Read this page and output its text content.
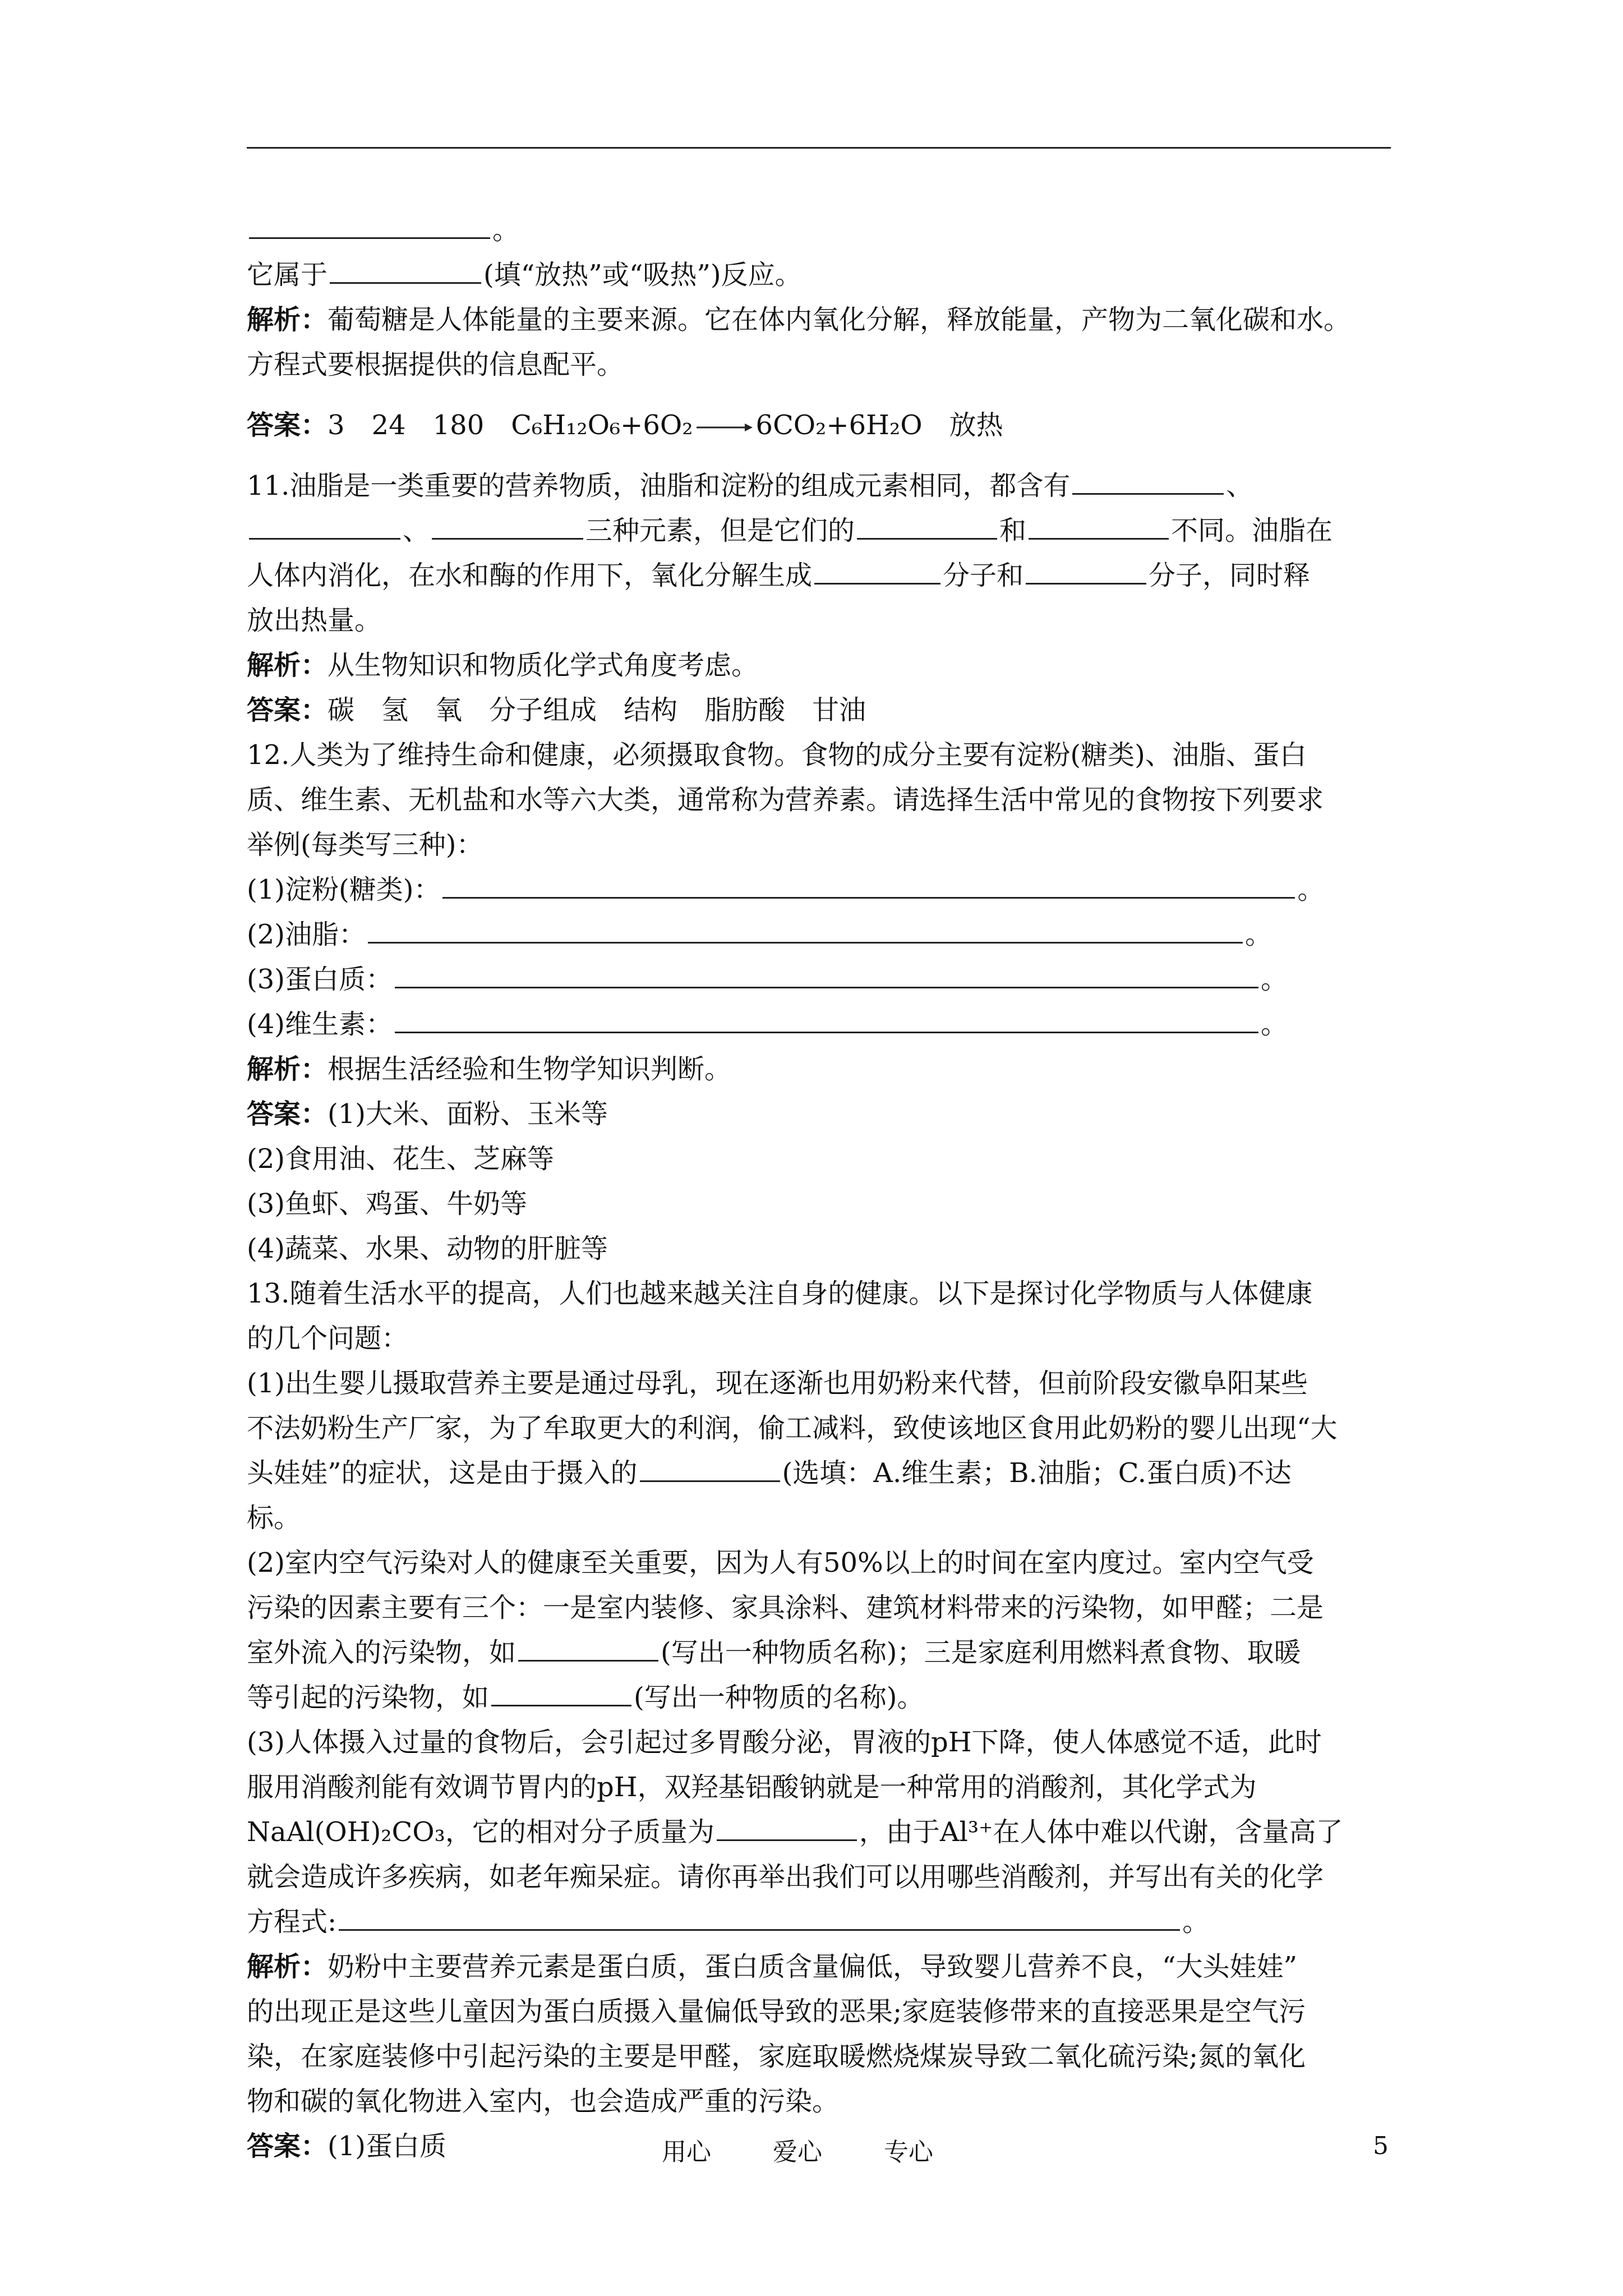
。
它属于	(填“放热”或“吸热”)反应。
解析：葡萄糖是人体能量的主要来源。它在体内氧化分解，释放能量，产物为二氧化碳和水。
方程式要根据提供的信息配平。
答案：3　24　180　C₆H₁₂O₆+6O₂ → 6CO₂+6H₂O　放热
11.油脂是一类重要的营养物质，油脂和淀粉的组成元素相同，都含有	、
、	三种元素，但是它们的	和	不同。油脂在
人体内消化，在水和酶的作用下，氧化分解生成	分子和	分子，同时释
放出热量。
解析：从生物知识和物质化学式角度考虑。
答案：碳　氢　氧　分子组成　结构　脂肪酸　甘油
12.人类为了维持生命和健康，必须摄取食物。食物的成分主要有淀粉(糖类)、油脂、蛋白
质、维生素、无机盐和水等六大类，通常称为营养素。请选择生活中常见的食物按下列要求
举例(每类写三种)：
(1)淀粉(糖类)：	。
(2)油脂：	。
(3)蛋白质：	。
(4)维生素：	。
解析：根据生活经验和生物学知识判断。
答案：(1)大米、面粉、玉米等
(2)食用油、花生、芝麻等
(3)鱼虾、鸡蛋、牛奶等
(4)蔬菜、水果、动物的肝脏等
13.随着生活水平的提高，人们也越来越关注自身的健康。以下是探讨化学物质与人体健康
的几个问题：
(1)出生婴儿摄取营养主要是通过母乳，现在逐渐也用奶粉来代替，但前阶段安徽阜阳某些
不法奶粉生产厂家，为了牟取更大的利润，偷工减料，致使该地区食用此奶粉的婴儿出现“大
头娃娃”的症状，这是由于摄入的	(选填：A.维生素；B.油脂；C.蛋白质)不达
标。
(2)室内空气污染对人的健康至关重要，因为人有50%以上的时间在室内度过。室内空气受
污染的因素主要有三个：一是室内装修、家具涂料、建筑材料带来的污染物，如甲醛；二是
室外流入的污染物，如	(写出一种物质名称)；三是家庭利用燃料煮食物、取暖
等引起的污染物，如	(写出一种物质的名称)。
(3)人体摄入过量的食物后，会引起过多胃酸分泌，胃液的pH下降，使人体感觉不适，此时
服用消酸剂能有效调节胃内的pH，双羟基铝酸钠就是一种常用的消酸剂，其化学式为
NaAl(OH)₂CO₃，它的相对分子质量为	，由于Al³⁺在人体中难以代谢，含量高了
就会造成许多疾病，如老年痴呆症。请你再举出我们可以用哪些消酸剂，并写出有关的化学
方程式:	。
解析：奶粉中主要营养元素是蛋白质，蛋白质含量偏低，导致婴儿营养不良，“大头娃娃”
的出现正是这些儿童因为蛋白质摄入量偏低导致的恶果;家庭装修带来的直接恶果是空气污
染，在家庭装修中引起污染的主要是甲醛，家庭取暖燃烧煤炭导致二氧化硫污染;氮的氧化
物和碳的氧化物进入室内，也会造成严重的污染。
答案：(1)蛋白质	用心	爱心	专心	5
